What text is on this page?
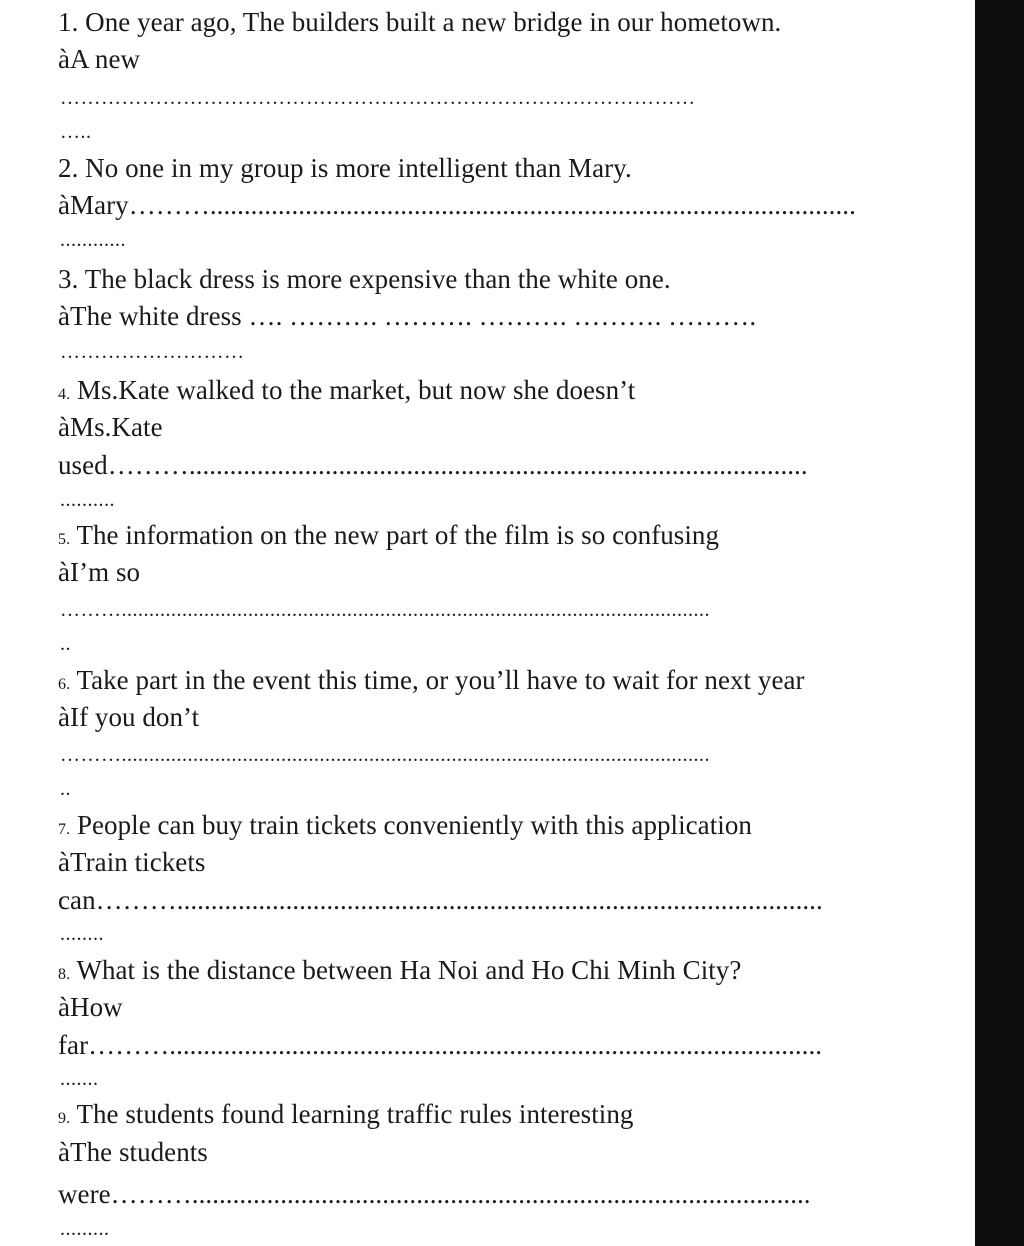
1. One year ago, The builders built a new bridge in our hometown.
àA new
…………………………………………………………………………………
…..
2. No one in my group is more intelligent than Mary.
àMary………...............................................................................................
............
3. The black dress is more expensive than the white one.
àThe white dress …. ………. ………. ………. ………. ……….
………………………
4. Ms.Kate walked to the market, but now she doesn’t
àMs.Kate
used………...........................................................................................
..........
5. The information on the new part of the film is so confusing
àI’m so
………...........................................................................................................
..
6. Take part in the event this time, or you’ll have to wait for next year
àIf you don’t
………...........................................................................................................
..
7. People can buy train tickets conveniently with this application
àTrain tickets
can………...............................................................................................
........
8. What is the distance between Ha Noi and Ho Chi Minh City?
àHow
far………................................................................................................
.......
9. The students found learning traffic rules interesting
àThe students
were………...........................................................................................
.........
